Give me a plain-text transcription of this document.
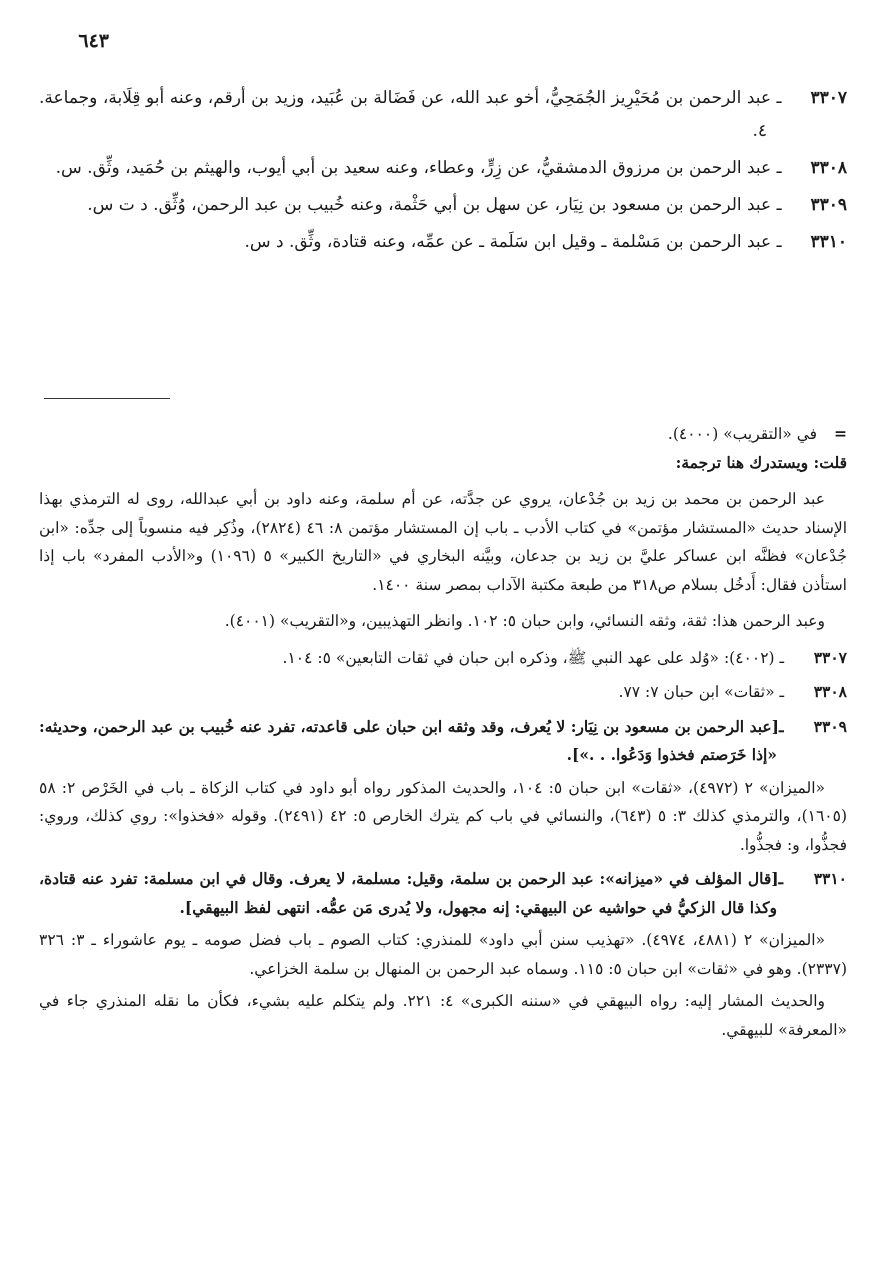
٦٤٣

٣٣٠٧ ـ عبد الرحمن بن مُحَيْرِيز الجُمَحِيُّ، أخو عبد الله، عن فَضَالة بن عُبَيد، وزيد بن أرقم، وعنه أبو قِلَابة، وجماعة. ٤.

٣٣٠٨ ـ عبد الرحمن بن مرزوق الدمشقيُّ، عن زِرٍّ، وعطاء، وعنه سعيد بن أبي أيوب، والهيثم بن حُمَيد، وثِّق. س.

٣٣٠٩ ـ عبد الرحمن بن مسعود بن نِيَار، عن سهل بن أبي حَثْمة، وعنه خُبيب بن عبد الرحمن، وُثِّق. د ت س.

٣٣١٠ ـ عبد الرحمن بن مَسْلمة ـ وقيل ابن سَلَمة ـ عن عمِّه، وعنه قتادة، وثِّق. د س.

= في «التقريب» (٤٠٠٠).

قلت: ويستدرك هنا ترجمة:

عبد الرحمن بن محمد بن زيد بن جُدْعان، يروي عن جدَّته، عن أم سلمة، وعنه داود بن أبي عبدالله، روى له الترمذي بهذا الإسناد حديث «المستشار مؤتمن» في كتاب الأدب ـ باب إن المستشار مؤتمن ٨: ٤٦ (٢٨٢٤)، وذُكِر فيه منسوباً إلى جدِّه: «ابن جُدْعان» فظنَّه ابن عساكر عليَّ بن زيد بن جدعان، وبيَّنه البخاري في «التاريخ الكبير» ٥ (١٠٩٦) و«الأدب المفرد» باب إذا استأذن فقال: أَدخُل بسلام ص٣١٨ من طبعة مكتبة الآداب بمصر سنة ١٤٠٠.

وعبد الرحمن هذا: ثقة، وثقه النسائي، وابن حبان ٥: ١٠٢. وانظر التهذيبين، و«التقريب» (٤٠٠١).

٣٣٠٧ ـ (٤٠٠٢): «وُلد على عهد النبي ﷺ، وذكره ابن حبان في ثقات التابعين» ٥: ١٠٤.

٣٣٠٨ ـ «ثقات» ابن حبان ٧: ٧٧.

٣٣٠٩ ـ[عبد الرحمن بن مسعود بن نِيَار: لا يُعرف، وقد وثقه ابن حبان على قاعدته، تفرد عنه خُبيب بن عبد الرحمن، وحديثه: «إذا خَرَصتم فخذوا وَدَعُوا. . .»].

«الميزان» ٢ (٤٩٧٢)، «ثقات» ابن حبان ٥: ١٠٤، والحديث المذكور رواه أبو داود في كتاب الزكاة ـ باب في الخَرْص ٢: ٥٨ (١٦٠٥)، والترمذي كذلك ٣: ٥ (٦٤٣)، والنسائي في باب كم يترك الخارص ٥: ٤٢ (٢٤٩١). وقوله «فخذوا»: روي كذلك، وروي: فجذُّوا، و: فجذُّوا.

٣٣١٠ ـ[قال المؤلف في «ميزانه»: عبد الرحمن بن سلمة، وقيل: مسلمة، لا يعرف. وقال في ابن مسلمة: تفرد عنه قتادة، وكذا قال الزكيُّ في حواشيه عن البيهقي: إنه مجهول، ولا يُدرى مَن عمُّه. انتهى لفظ البيهقي].

«الميزان» ٢ (٤٨٨١، ٤٩٧٤). «تهذيب سنن أبي داود» للمنذري: كتاب الصوم ـ باب فضل صومه ـ يوم عاشوراء ـ ٣: ٣٢٦ (٢٣٣٧). وهو في «ثقات» ابن حبان ٥: ١١٥. وسماه عبد الرحمن بن المنهال بن سلمة الخزاعي.

والحديث المشار إليه: رواه البيهقي في «سننه الكبرى» ٤: ٢٢١. ولم يتكلم عليه بشيء، فكأن ما نقله المنذري جاء في «المعرفة» للبيهقي.
